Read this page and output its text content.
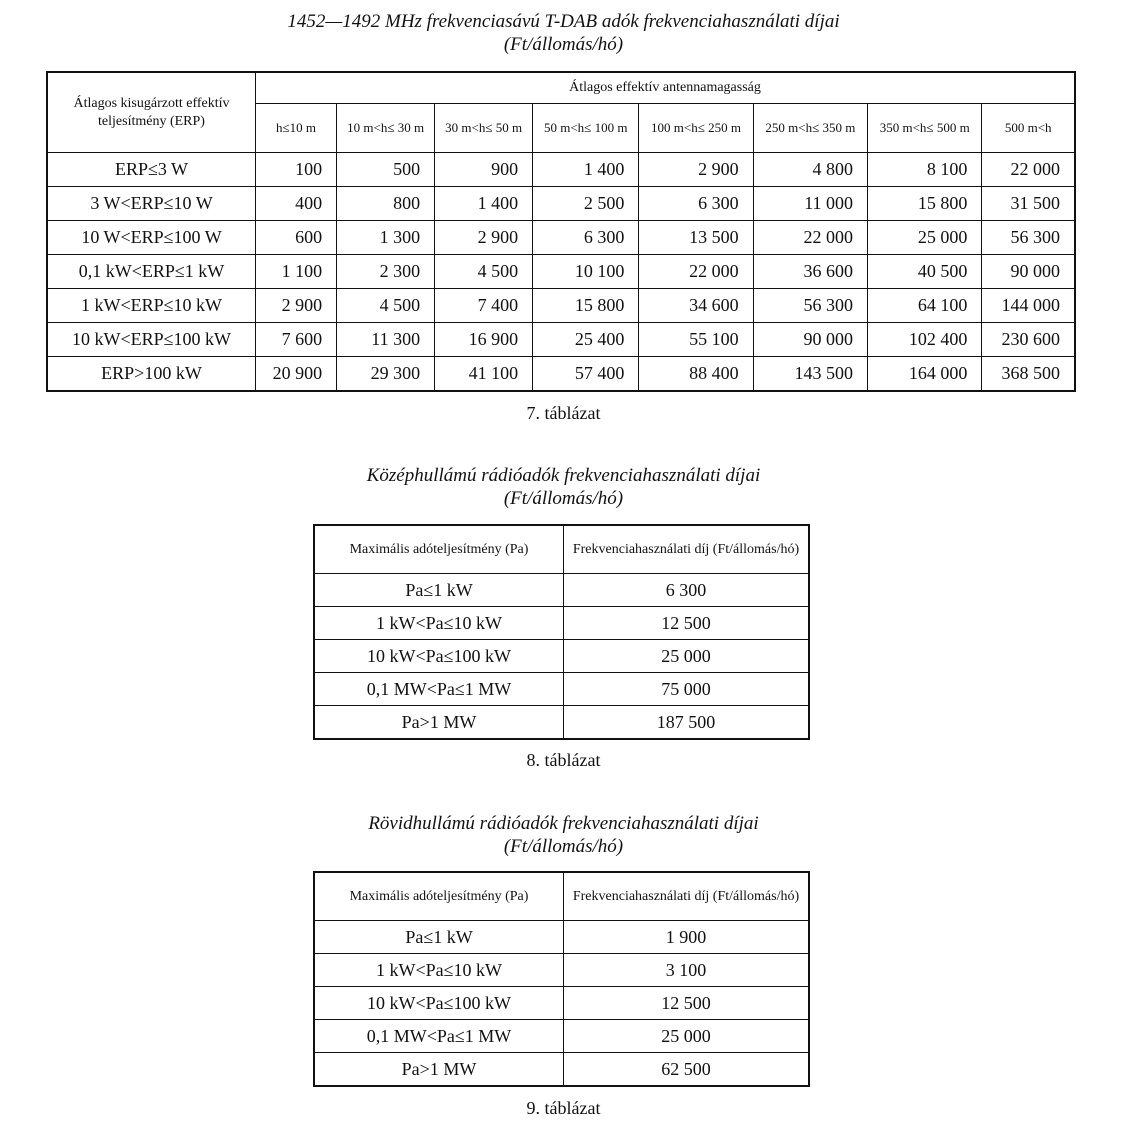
1452—1492 MHz frekvenciasávú T-DAB adók frekvenciahasználati díjai
(Ft/állomás/hó)
Átlagos kisugárzott effektív teljesítmény (ERP)	Átlagos effektív antennamagasság							
	h≤10 m	10 m<h≤ 30 m	30 m<h≤ 50 m	50 m<h≤ 100 m	100 m<h≤ 250 m	250 m<h≤ 350 m	350 m<h≤ 500 m	500 m<h
ERP≤3 W	100	500	900	1 400	2 900	4 800	8 100	22 000
3 W<ERP≤10 W	400	800	1 400	2 500	6 300	11 000	15 800	31 500
10 W<ERP≤100 W	600	1 300	2 900	6 300	13 500	22 000	25 000	56 300
0,1 kW<ERP≤1 kW	1 100	2 300	4 500	10 100	22 000	36 600	40 500	90 000
1 kW<ERP≤10 kW	2 900	4 500	7 400	15 800	34 600	56 300	64 100	144 000
10 kW<ERP≤100 kW	7 600	11 300	16 900	25 400	55 100	90 000	102 400	230 600
ERP>100 kW	20 900	29 300	41 100	57 400	88 400	143 500	164 000	368 500
7. táblázat
Középhullámú rádióadók frekvenciahasználati díjai
(Ft/állomás/hó)
Maximális adóteljesítmény (Pa)	Frekvenciahasználati díj (Ft/állomás/hó)
Pa≤1 kW	6 300
1 kW<Pa≤10 kW	12 500
10 kW<Pa≤100 kW	25 000
0,1 MW<Pa≤1 MW	75 000
Pa>1 MW	187 500
8. táblázat
Rövidhullámú rádióadók frekvenciahasználati díjai
(Ft/állomás/hó)
Maximális adóteljesítmény (Pa)	Frekvenciahasználati díj (Ft/állomás/hó)
Pa≤1 kW	1 900
1 kW<Pa≤10 kW	3 100
10 kW<Pa≤100 kW	12 500
0,1 MW<Pa≤1 MW	25 000
Pa>1 MW	62 500
9. táblázat
